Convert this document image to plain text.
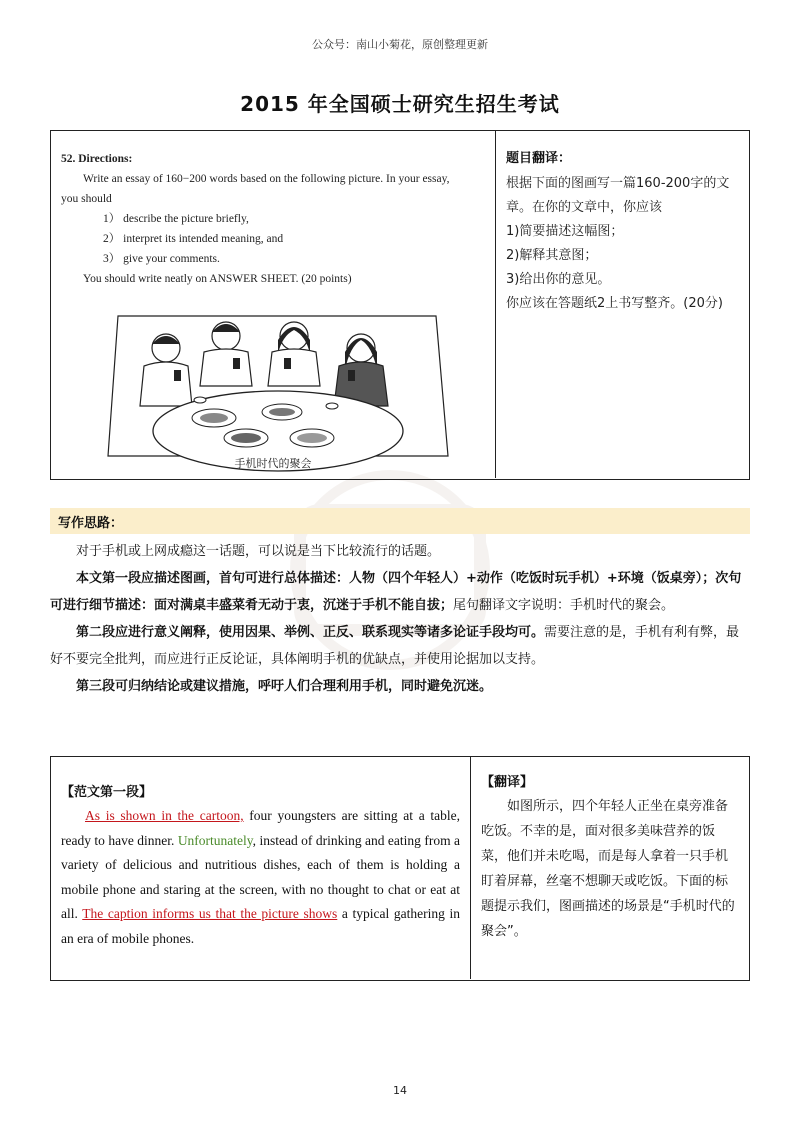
公众号：南山小菊花，原创整理更新
2015 年全国硕士研究生招生考试
52. Directions:
Write an essay of 160−200 words based on the following picture. In your essay,
you should
1） describe the picture briefly,
2） interpret its intended meaning, and
3） give your comments.
You should write neatly on ANSWER SHEET. (20 points)
手机时代的聚会
题目翻译：
根据下面的图画写一篇160-200字的文
章。在你的文章中，你应该
1)简要描述这幅图；
2)解释其意图；
3)给出你的意见。
你应该在答题纸2上书写整齐。(20分)
写作思路：

对于手机或上网成瘾这一话题，可以说是当下比较流行的话题。

本文第一段应描述图画，首句可进行总体描述：人物（四个年轻人）+动作（吃饭时玩手机）+环境（饭桌旁）；次句可进行细节描述：面对满桌丰盛菜肴无动于衷，沉迷于手机不能自拔；尾句翻译文字说明：手机时代的聚会。

第二段应进行意义阐释，使用因果、举例、正反、联系现实等诸多论证手段均可。需要注意的是，手机有利有弊，最好不要完全批判，而应进行正反论证，具体阐明手机的优缺点，并使用论据加以支持。

第三段可归纳结论或建议措施，呼吁人们合理利用手机，同时避免沉迷。

【范文第一段】
As is shown in the cartoon, four youngsters are sitting at a table, ready to have dinner. Unfortunately, instead of drinking and eating from a variety of delicious and nutritious dishes, each of them is holding a mobile phone and staring at the screen, with no thought to chat or eat at all. The caption informs us that the picture shows a typical gathering in an era of mobile phones.
【翻译】
如图所示，四个年轻人正坐在桌旁准备吃饭。不幸的是，面对很多美味营养的饭菜，他们并未吃喝，而是每人拿着一只手机盯着屏幕，丝毫不想聊天或吃饭。下面的标题提示我们，图画描述的场景是“手机时代的聚会”。
14
